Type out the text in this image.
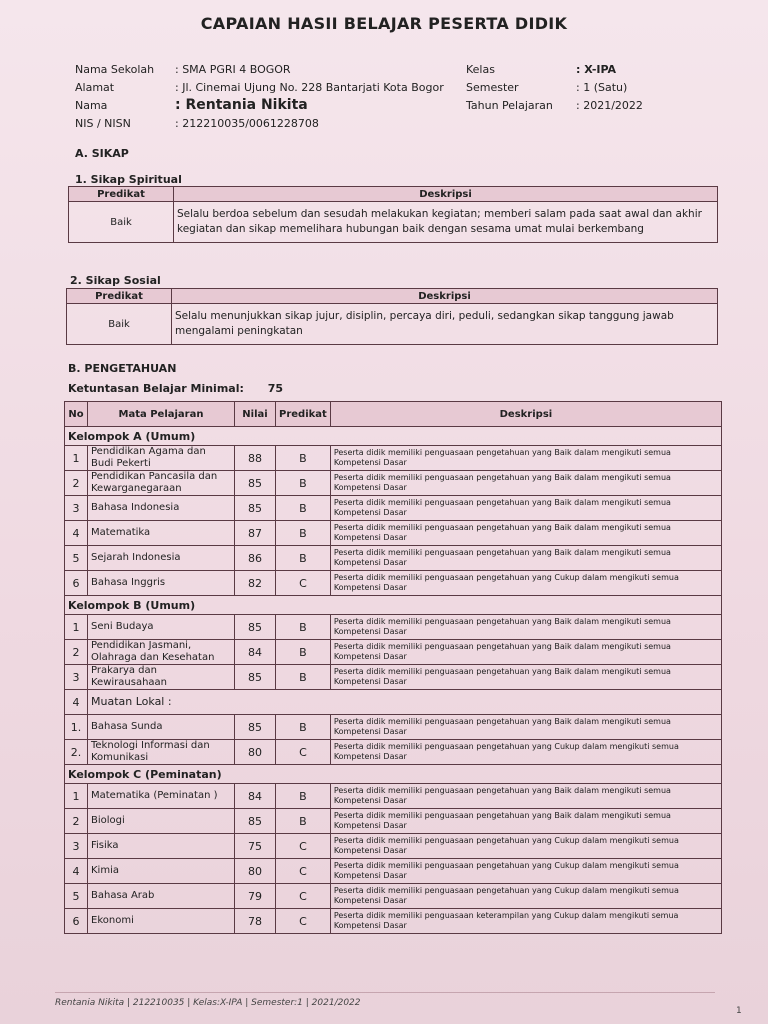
CAPAIAN HASII BELAJAR PESERTA DIDIK
Nama Sekolah	: SMA PGRI 4 BOGOR
Alamat	: Jl. Cinemai Ujung No. 228 Bantarjati Kota Bogor
Nama	: Rentania Nikita
NIS / NISN	: 212210035/0061228708
Kelas	: X-IPA
Semester	: 1 (Satu)
Tahun Pelajaran	: 2021/2022
A. SIKAP
1. Sikap Spiritual
Predikat	Deskripsi
Baik	Selalu berdoa sebelum dan sesudah melakukan kegiatan; memberi salam pada saat awal dan akhir kegiatan dan sikap memelihara hubungan baik dengan sesama umat mulai berkembang
2. Sikap Sosial
Predikat	Deskripsi
Baik	Selalu menunjukkan sikap jujur, disiplin, percaya diri, peduli, sedangkan sikap tanggung jawab mengalami peningkatan
B. PENGETAHUAN
Ketuntasan Belajar Minimal: 75
No	Mata Pelajaran	Nilai	Predikat	Deskripsi
Kelompok A (Umum)				
1	Pendidikan Agama dan Budi Pekerti	88	B	Peserta didik memiliki penguasaan pengetahuan yang Baik dalam mengikuti semua Kompetensi Dasar
2	Pendidikan Pancasila dan Kewarganegaraan	85	B	Peserta didik memiliki penguasaan pengetahuan yang Baik dalam mengikuti semua Kompetensi Dasar
3	Bahasa Indonesia	85	B	Peserta didik memiliki penguasaan pengetahuan yang Baik dalam mengikuti semua Kompetensi Dasar
4	Matematika	87	B	Peserta didik memiliki penguasaan pengetahuan yang Baik dalam mengikuti semua Kompetensi Dasar
5	Sejarah Indonesia	86	B	Peserta didik memiliki penguasaan pengetahuan yang Baik dalam mengikuti semua Kompetensi Dasar
6	Bahasa Inggris	82	C	Peserta didik memiliki penguasaan pengetahuan yang Cukup dalam mengikuti semua Kompetensi Dasar
Kelompok B (Umum)				
1	Seni Budaya	85	B	Peserta didik memiliki penguasaan pengetahuan yang Baik dalam mengikuti semua Kompetensi Dasar
2	Pendidikan Jasmani, Olahraga dan Kesehatan	84	B	Peserta didik memiliki penguasaan pengetahuan yang Baik dalam mengikuti semua Kompetensi Dasar
3	Prakarya dan Kewirausahaan	85	B	Peserta didik memiliki penguasaan pengetahuan yang Baik dalam mengikuti semua Kompetensi Dasar
4	Muatan Lokal :			
1.	Bahasa Sunda	85	B	Peserta didik memiliki penguasaan pengetahuan yang Baik dalam mengikuti semua Kompetensi Dasar
2.	Teknologi Informasi dan Komunikasi	80	C	Peserta didik memiliki penguasaan pengetahuan yang Cukup dalam mengikuti semua Kompetensi Dasar
Kelompok C (Peminatan)				
1	Matematika (Peminatan )	84	B	Peserta didik memiliki penguasaan pengetahuan yang Baik dalam mengikuti semua Kompetensi Dasar
2	Biologi	85	B	Peserta didik memiliki penguasaan pengetahuan yang Baik dalam mengikuti semua Kompetensi Dasar
3	Fisika	75	C	Peserta didik memiliki penguasaan pengetahuan yang Cukup dalam mengikuti semua Kompetensi Dasar
4	Kimia	80	C	Peserta didik memiliki penguasaan pengetahuan yang Cukup dalam mengikuti semua Kompetensi Dasar
5	Bahasa Arab	79	C	Peserta didik memiliki penguasaan pengetahuan yang Cukup dalam mengikuti semua Kompetensi Dasar
6	Ekonomi	78	C	Peserta didik memiliki penguasaan keterampilan yang Cukup dalam mengikuti semua Kompetensi Dasar
Rentania Nikita | 212210035 | Kelas:X-IPA | Semester:1 | 2021/2022
1
